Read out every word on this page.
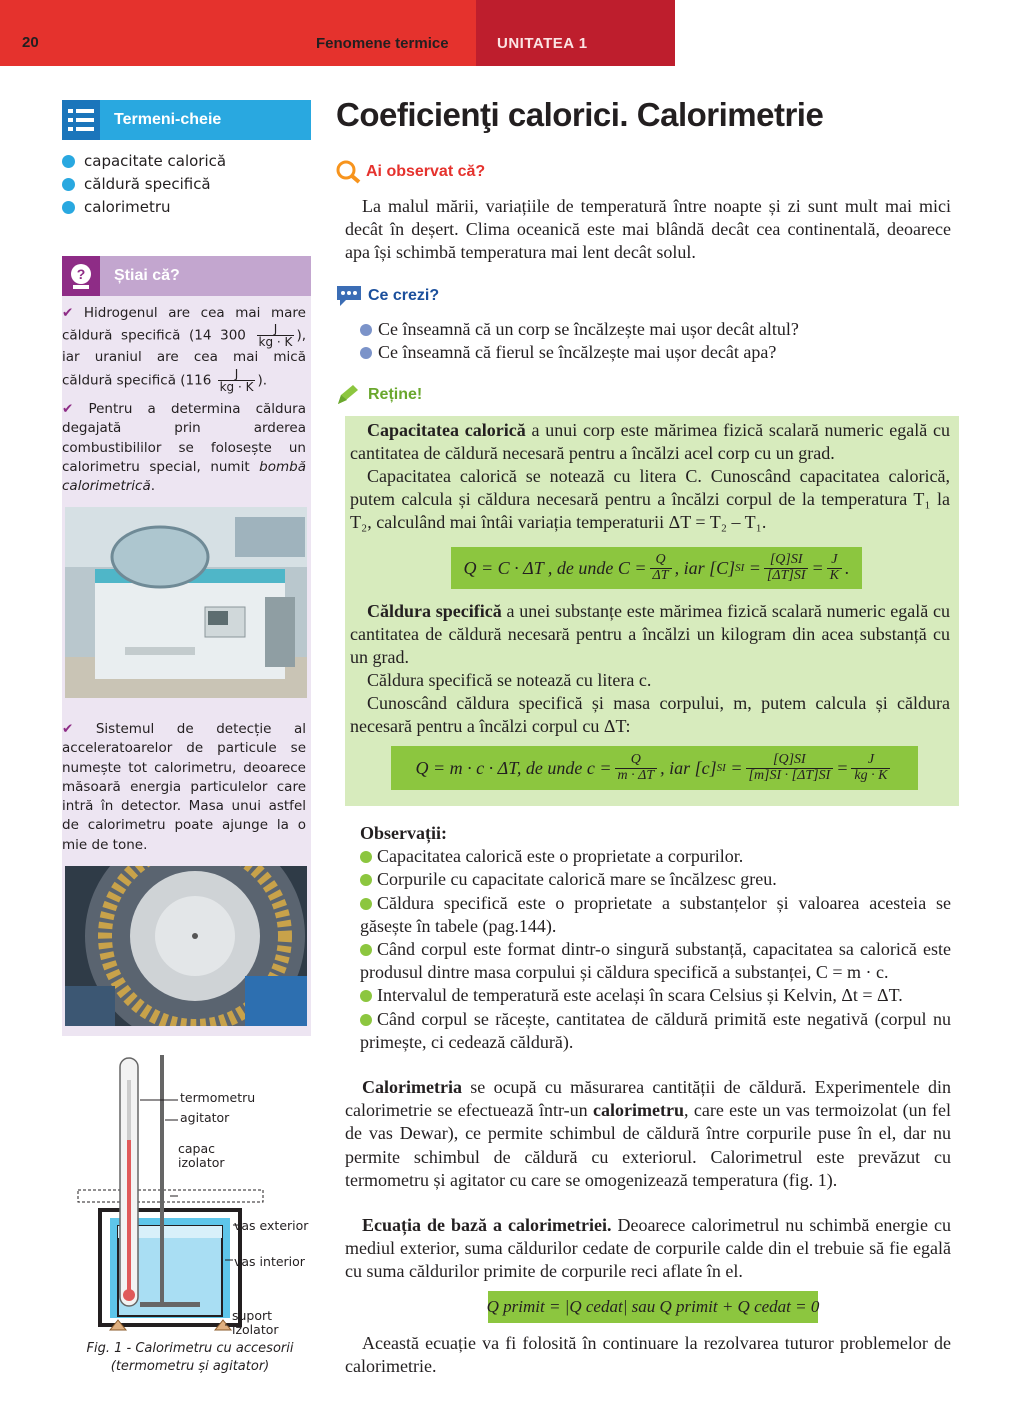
20	Fenomene termice	UNITATEA 1
Termeni-cheie
capacitate calorică
căldură specifică
calorimetru
? Știai că?
✔ Hidrogenul are cea mai mare căldură specifică (14 $300 \frac{J}{kg \cdot K}$ ), iar uraniul are cea mai mică căldură specifică ($116 \frac{J}{kg \cdot K}$ ).
✔ Pentru a determina căldura degajată prin arderea combustibililor se folosește un calorimetru special, numit bombă calorimetrică.
✔ Sistemul de detecție al acceleratoarelor de particule se numește tot calorimetru, deoarece măsoară energia particulelor care intră în detector. Masa unui astfel de calorimetru poate ajunge la o mie de tone.
termometru
agitator
capac izolator
vas exterior
vas interior
suport izolator
Fig. 1 - Calorimetru cu accesorii (termometru și agitator)
Coeficienţi calorici. Calorimetrie
Ai observat că?
La malul mării, variațiile de temperatură între noapte și zi sunt mult mai mici decât în deșert. Clima oceanică este mai blândă decât cea continentală, deoarece apa își schimbă temperatura mai lent decât solul.
Ce crezi?
Ce înseamnă că un corp se încălzește mai ușor decât altul?
Ce înseamnă că fierul se încălzește mai ușor decât apa?
Reține!
Capacitatea calorică a unui corp este mărimea fizică scalară numeric egală cu cantitatea de căldură necesară pentru a încălzi acel corp cu un grad.
Capacitatea calorică se notează cu litera C. Cunoscând capacitatea calorică, putem calcula și căldura necesară pentru a încălzi corpul de la temperatura T₁ la T₂, calculând mai întâi variația temperaturii ΔT = T₂ – T₁.
Q = C · ΔT , de unde $C = \frac{Q}{\Delta T}$ , iar [C] SI = $\frac{[Q]SI}{[\Delta T]SI} = \frac{J}{K}$ .
Căldura specifică a unei substanțe este mărimea fizică scalară numeric egală cu cantitatea de căldură necesară pentru a încălzi un kilogram din acea substanță cu un grad.
Căldura specifică se notează cu litera c.
Cunoscând căldura specifică și masa corpului, m, putem calcula și căldura necesară pentru a încălzi corpul cu ΔT:
Q = m · c · ΔT, de unde $c = \frac{Q}{m \cdot \Delta T}$ , iar [c] SI = $\frac{[Q]SI}{[m]SI \cdot [\Delta T]SI} = \frac{J}{kg \cdot K}$
Observații:
Capacitatea calorică este o proprietate a corpurilor.
Corpurile cu capacitate calorică mare se încălzesc greu.
Căldura specifică este o proprietate a substanțelor și valoarea acesteia se găsește în tabele (pag.144).
Când corpul este format dintr-o singură substanță, capacitatea sa calorică este produsul dintre masa corpului și căldura specifică a substanței, C = m · c.
Intervalul de temperatură este același în scara Celsius și Kelvin, Δt = ΔT.
Când corpul se răcește, cantitatea de căldură primită este negativă (corpul nu primește, ci cedează căldură).
Calorimetria se ocupă cu măsurarea cantității de căldură. Experimentele din calorimetrie se efectuează într-un calorimetru, care este un vas termoizolat (un fel de vas Dewar), ce permite schimbul de căldură între corpurile puse în el, dar nu permite schimbul de căldură cu exteriorul. Calorimetrul este prevăzut cu termometru și agitator cu care se omogenizează temperatura (fig. 1).
Ecuația de bază a calorimetriei. Deoarece calorimetrul nu schimbă energie cu mediul exterior, suma căldurilor cedate de corpurile calde din el trebuie să fie egală cu suma căldurilor primite de corpurile reci aflate în el.
Q primit = |Q cedat| sau Q primit + Q cedat = 0
Această ecuație va fi folosită în continuare la rezolvarea tuturor problemelor de calorimetrie.
